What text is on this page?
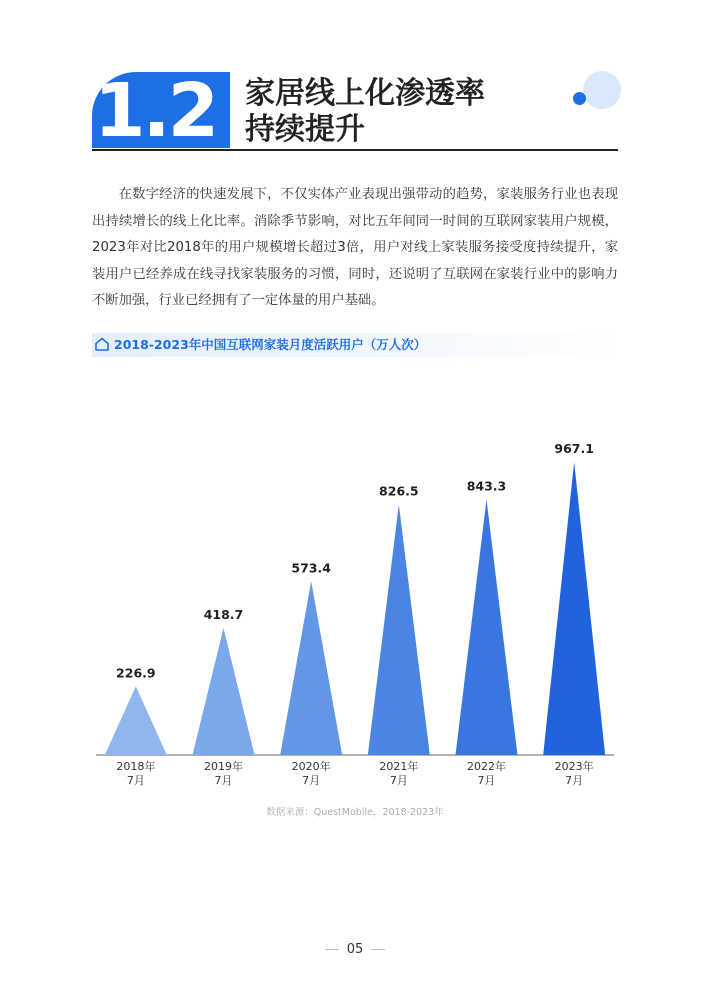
1.2 家居线上化渗透率
持续提升

在数字经济的快速发展下，不仅实体产业表现出强带动的趋势，家装服务行业也表现出持续增长的线上化比率。消除季节影响，对比五年间同一时间的互联网家装用户规模，2023年对比2018年的用户规模增长超过3倍，用户对线上家装服务接受度持续提升，家装用户已经养成在线寻找家装服务的习惯，同时，还说明了互联网在家装行业中的影响力不断加强，行业已经拥有了一定体量的用户基础。

2018-2023年中国互联网家装月度活跃用户（万人次）
226.9
2018年
7月
418.7
2019年
7月
573.4
2020年
7月
826.5
2021年
7月
843.3
2022年
7月
967.1
2023年
7月
数据来源：QuestMobile，2018-2023年
05
